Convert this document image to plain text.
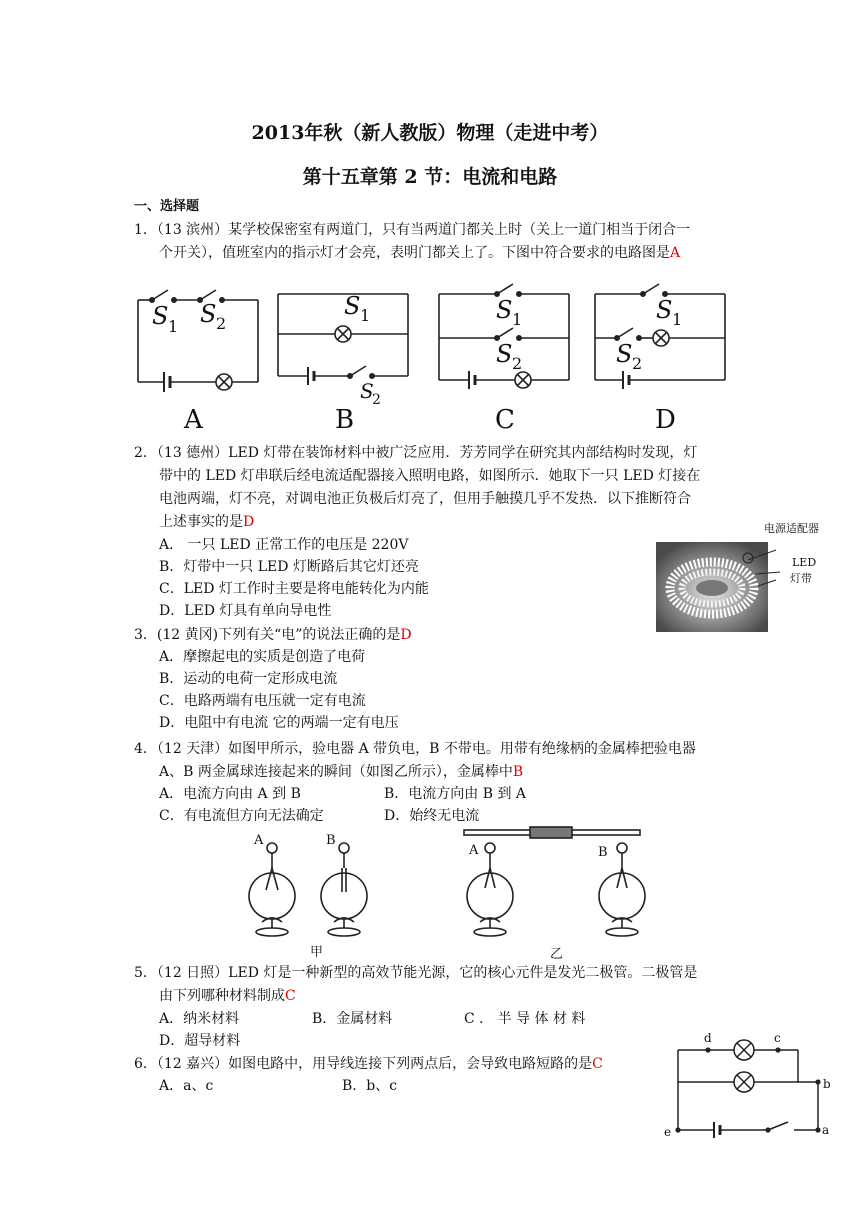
2013年秋（新人教版）物理（走进中考）
第十五章第 2 节：电流和电路
一、选择题
1．（13 滨州）某学校保密室有两道门，只有当两道门都关上时（关上一道门相当于闭合一
个开关），值班室内的指示灯才会亮，表明门都关上了。下图中符合要求的电路图是A
S 1 S 2
S 1
S
2
S 1
S 2
S 1
S 2
A	B	C	D
2．（13 德州）LED 灯带在装饰材料中被广泛应用．芳芳同学在研究其内部结构时发现，灯
带中的 LED 灯串联后经电流适配器接入照明电路，如图所示．她取下一只 LED 灯接在
电池两端，灯不亮，对调电池正负极后灯亮了，但用手触摸几乎不发热．以下推断符合
上述事实的是D
A． 一只 LED 正常工作的电压是 220V
B．灯带中一只 LED 灯断路后其它灯还亮
C．LED 灯工作时主要是将电能转化为内能
D．LED 灯具有单向导电性
电源适配器
LED
灯带
3．(12 黄冈)下列有关“电”的说法正确的是D
A．摩擦起电的实质是创造了电荷
B．运动的电荷一定形成电流
C．电路两端有电压就一定有电流
D．电阻中有电流 它的两端一定有电压
4．（12 天津）如图甲所示，验电器 A 带负电，B 不带电。用带有绝缘柄的金属棒把验电器
A、B 两金属球连接起来的瞬间（如图乙所示），金属棒中B
A．电流方向由 A 到 B	B．电流方向由 B 到 A
C．有电流但方向无法确定	D．始终无电流
A	B
A	B
甲	乙
5．（12 日照）LED 灯是一种新型的高效节能光源，它的核心元件是发光二极管。二极管是
由下列哪种材料制成C
A．纳米材料	B．金属材料	C ． 半 导 体 材 料
D．超导材料
6．（12 嘉兴）如图电路中，用导线连接下列两点后，会导致电路短路的是C
A．a、c	B．b、c
d	c
b
e	a
